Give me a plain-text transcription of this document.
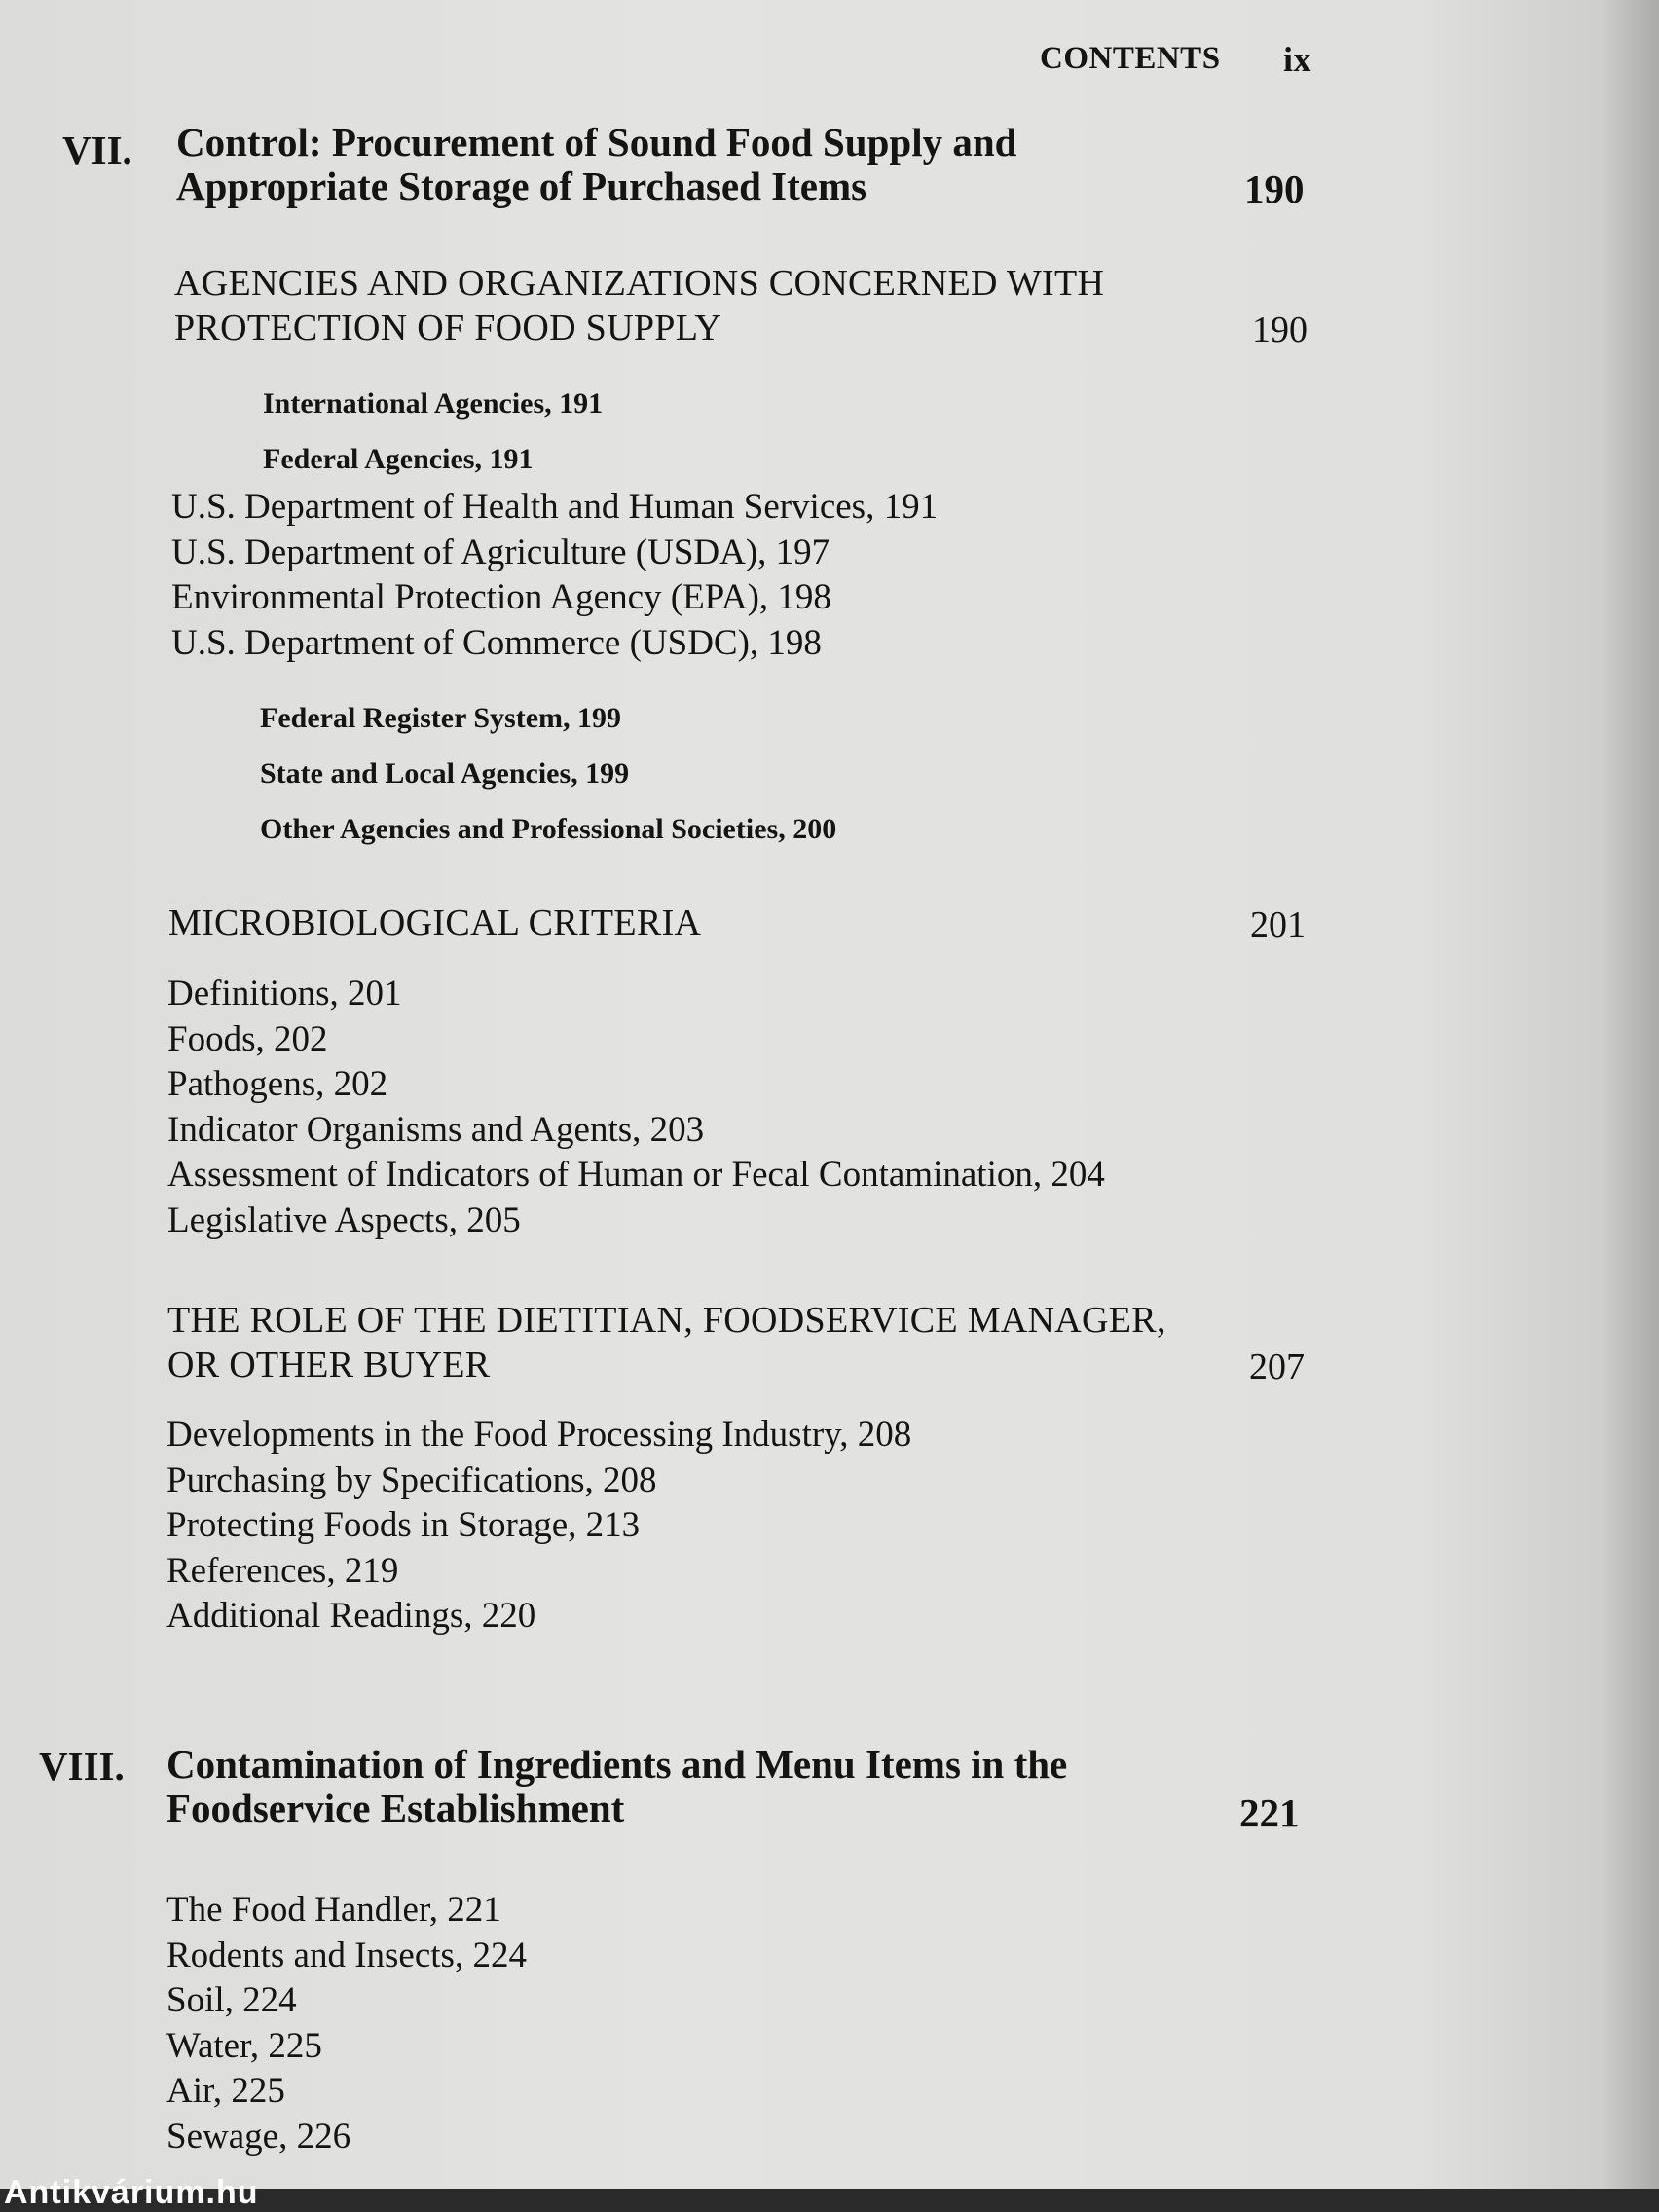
CONTENTS ix
VII. Control: Procurement of Sound Food Supply and
Appropriate Storage of Purchased Items	190
AGENCIES AND ORGANIZATIONS CONCERNED WITH
PROTECTION OF FOOD SUPPLY	190
International Agencies, 191
Federal Agencies, 191
U.S. Department of Health and Human Services, 191
U.S. Department of Agriculture (USDA), 197
Environmental Protection Agency (EPA), 198
U.S. Department of Commerce (USDC), 198
Federal Register System, 199
State and Local Agencies, 199
Other Agencies and Professional Societies, 200
MICROBIOLOGICAL CRITERIA	201
Definitions, 201
Foods, 202
Pathogens, 202
Indicator Organisms and Agents, 203
Assessment of Indicators of Human or Fecal Contamination, 204
Legislative Aspects, 205
THE ROLE OF THE DIETITIAN, FOODSERVICE MANAGER,
OR OTHER BUYER	207
Developments in the Food Processing Industry, 208
Purchasing by Specifications, 208
Protecting Foods in Storage, 213
References, 219
Additional Readings, 220
VIII. Contamination of Ingredients and Menu Items in the
Foodservice Establishment	221
The Food Handler, 221
Rodents and Insects, 224
Soil, 224
Water, 225
Air, 225
Sewage, 226
Antikvárium.hu
